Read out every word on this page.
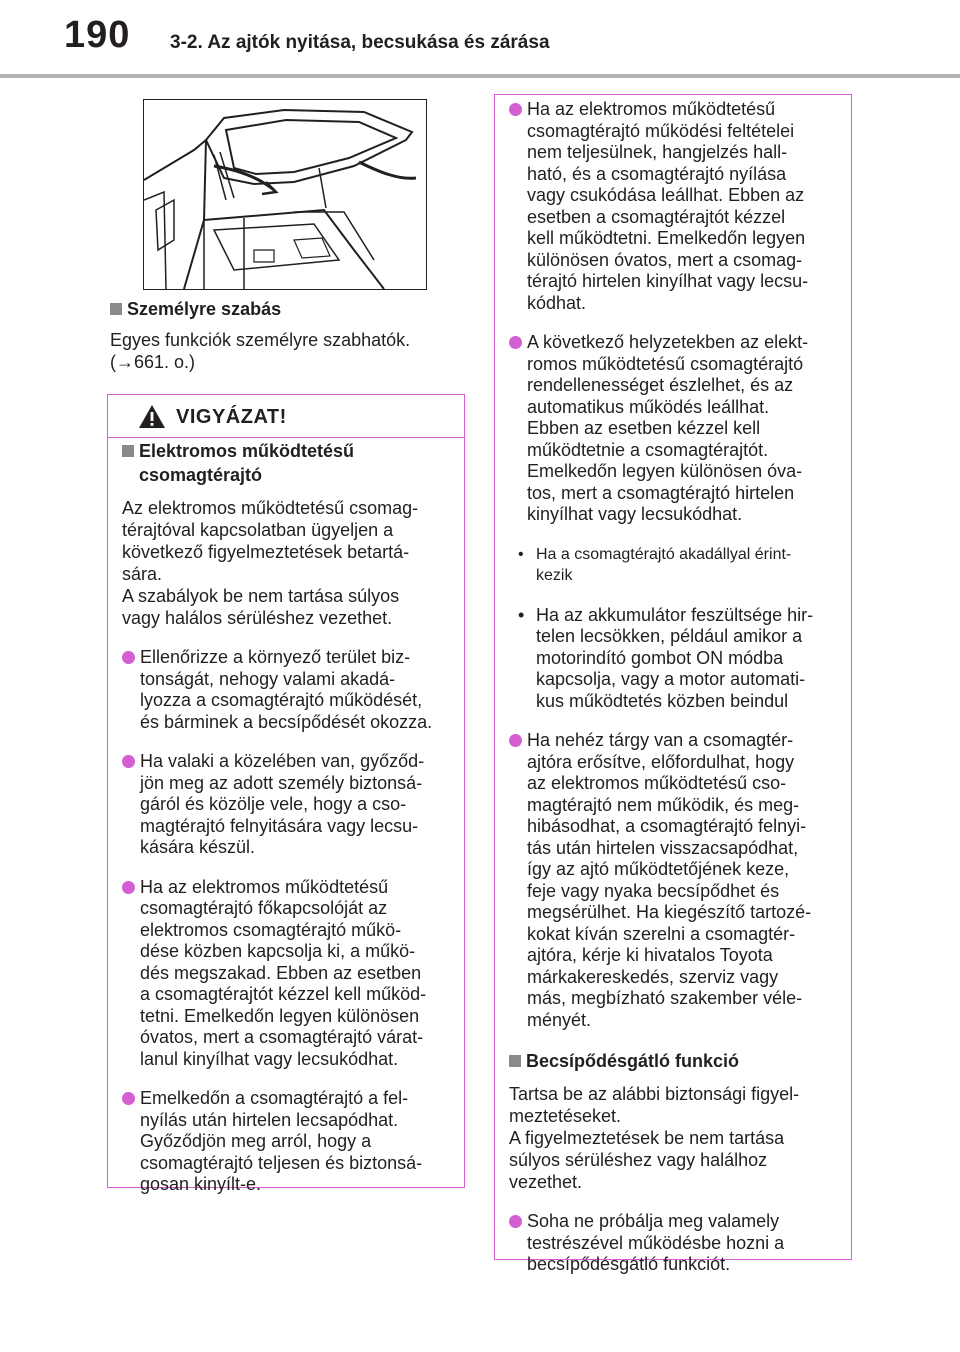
190 3-2. Az ajtók nyitása, becsukása és zárása
Személyre szabás
Egyes funkciók személyre szabhatók.
(→661. o.)
VIGYÁZAT!
Elektromos működtetésű
csomagtérajtó
Az elektromos működtetésű csomag-
térajtóval kapcsolatban ügyeljen a
következő figyelmeztetések betartá-
sára.
A szabályok be nem tartása súlyos
vagy halálos sérüléshez vezethet.
Ellenőrizze a környező terület biz-
tonságát, nehogy valami akadá-
lyozza a csomagtérajtó működését,
és bárminek a becsípődését okozza.
Ha valaki a közelében van, győződ-
jön meg az adott személy biztonsá-
gáról és közölje vele, hogy a cso-
magtérajtó felnyitására vagy lecsu-
kására készül.
Ha az elektromos működtetésű
csomagtérajtó főkapcsolóját az
elektromos csomagtérajtó műkö-
dése közben kapcsolja ki, a műkö-
dés megszakad. Ebben az esetben
a csomagtérajtót kézzel kell működ-
tetni. Emelkedőn legyen különösen
óvatos, mert a csomagtérajtó várat-
lanul kinyílhat vagy lecsukódhat.
Emelkedőn a csomagtérajtó a fel-
nyílás után hirtelen lecsapódhat.
Győződjön meg arról, hogy a
csomagtérajtó teljesen és biztonsá-
gosan kinyílt-e.
Ha az elektromos működtetésű
csomagtérajtó működési feltételei
nem teljesülnek, hangjelzés hall-
ható, és a csomagtérajtó nyílása
vagy csukódása leállhat. Ebben az
esetben a csomagtérajtót kézzel
kell működtetni. Emelkedőn legyen
különösen óvatos, mert a csomag-
térajtó hirtelen kinyílhat vagy lecsu-
kódhat.
A következő helyzetekben az elekt-
romos működtetésű csomagtérajtó
rendellenességet észlelhet, és az
automatikus működés leállhat.
Ebben az esetben kézzel kell
működtetnie a csomagtérajtót.
Emelkedőn legyen különösen óva-
tos, mert a csomagtérajtó hirtelen
kinyílhat vagy lecsukódhat.
• Ha a csomagtérajtó akadállyal érint-
kezik
• Ha az akkumulátor feszültsége hir-
telen lecsökken, például amikor a
motorindító gombot ON módba
kapcsolja, vagy a motor automati-
kus működtetés közben beindul
Ha nehéz tárgy van a csomagtér-
ajtóra erősítve, előfordulhat, hogy
az elektromos működtetésű cso-
magtérajtó nem működik, és meg-
hibásodhat, a csomagtérajtó felnyi-
tás után hirtelen visszacsapódhat,
így az ajtó működtetőjének keze,
feje vagy nyaka becsípődhet és
megsérülhet. Ha kiegészítő tartozé-
kokat kíván szerelni a csomagtér-
ajtóra, kérje ki hivatalos Toyota
márkakereskedés, szerviz vagy
más, megbízható szakember véle-
ményét.
Becsípődésgátló funkció
Tartsa be az alábbi biztonsági figyel-
meztetéseket.
A figyelmeztetések be nem tartása
súlyos sérüléshez vagy halálhoz
vezethet.
Soha ne próbálja meg valamely
testrészével működésbe hozni a
becsípődésgátló funkciót.
